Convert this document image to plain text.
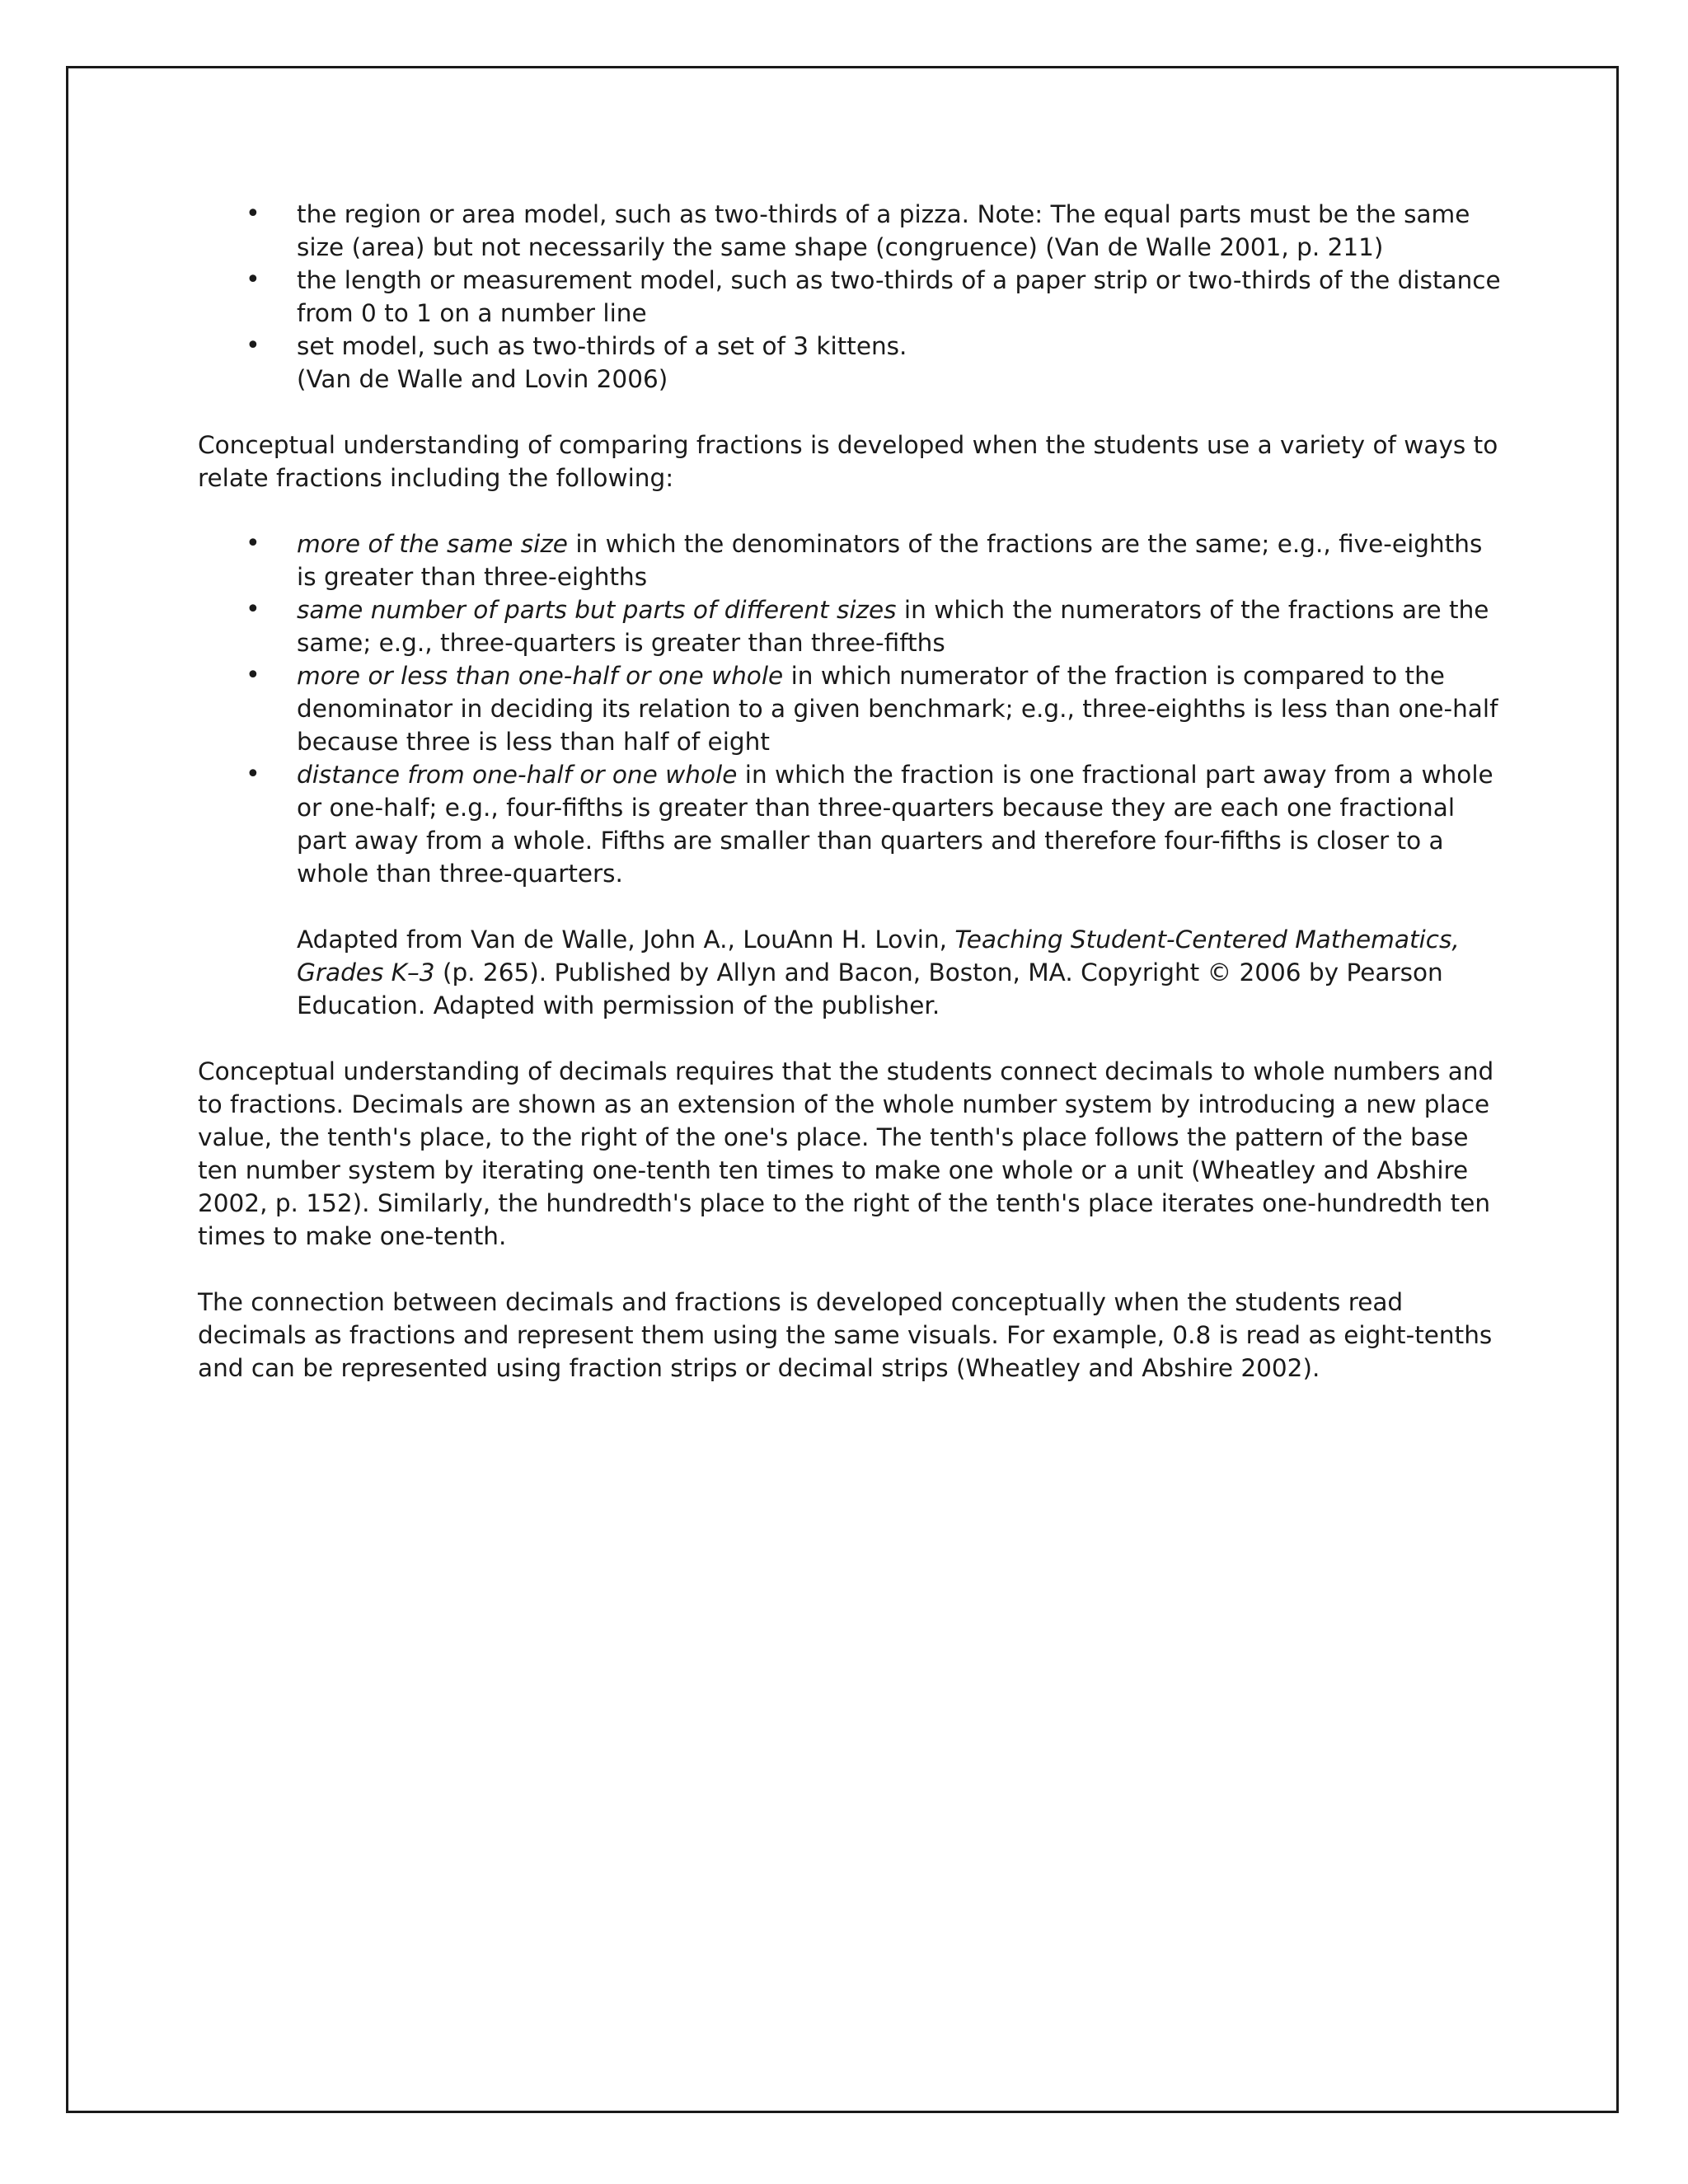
• the region or area model, such as two-thirds of a pizza. Note: The equal parts must be the same size (area) but not necessarily the same shape (congruence) (Van de Walle 2001, p. 211)
• the length or measurement model, such as two-thirds of a paper strip or two-thirds of the distance from 0 to 1 on a number line
• set model, such as two-thirds of a set of 3 kittens.
(Van de Walle and Lovin 2006)

Conceptual understanding of comparing fractions is developed when the students use a variety of ways to relate fractions including the following:

• more of the same size in which the denominators of the fractions are the same; e.g., five-eighths is greater than three-eighths
• same number of parts but parts of different sizes in which the numerators of the fractions are the same; e.g., three-quarters is greater than three-fifths
• more or less than one-half or one whole in which numerator of the fraction is compared to the denominator in deciding its relation to a given benchmark; e.g., three-eighths is less than one-half because three is less than half of eight
• distance from one-half or one whole in which the fraction is one fractional part away from a whole or one-half; e.g., four-fifths is greater than three-quarters because they are each one fractional part away from a whole. Fifths are smaller than quarters and therefore four-fifths is closer to a whole than three-quarters.

Adapted from Van de Walle, John A., LouAnn H. Lovin, Teaching Student-Centered Mathematics, Grades K–3 (p. 265). Published by Allyn and Bacon, Boston, MA. Copyright © 2006 by Pearson Education. Adapted with permission of the publisher.

Conceptual understanding of decimals requires that the students connect decimals to whole numbers and to fractions. Decimals are shown as an extension of the whole number system by introducing a new place value, the tenth's place, to the right of the one's place. The tenth's place follows the pattern of the base ten number system by iterating one-tenth ten times to make one whole or a unit (Wheatley and Abshire 2002, p. 152). Similarly, the hundredth's place to the right of the tenth's place iterates one-hundredth ten times to make one-tenth.

The connection between decimals and fractions is developed conceptually when the students read decimals as fractions and represent them using the same visuals. For example, 0.8 is read as eight-tenths and can be represented using fraction strips or decimal strips (Wheatley and Abshire 2002).
